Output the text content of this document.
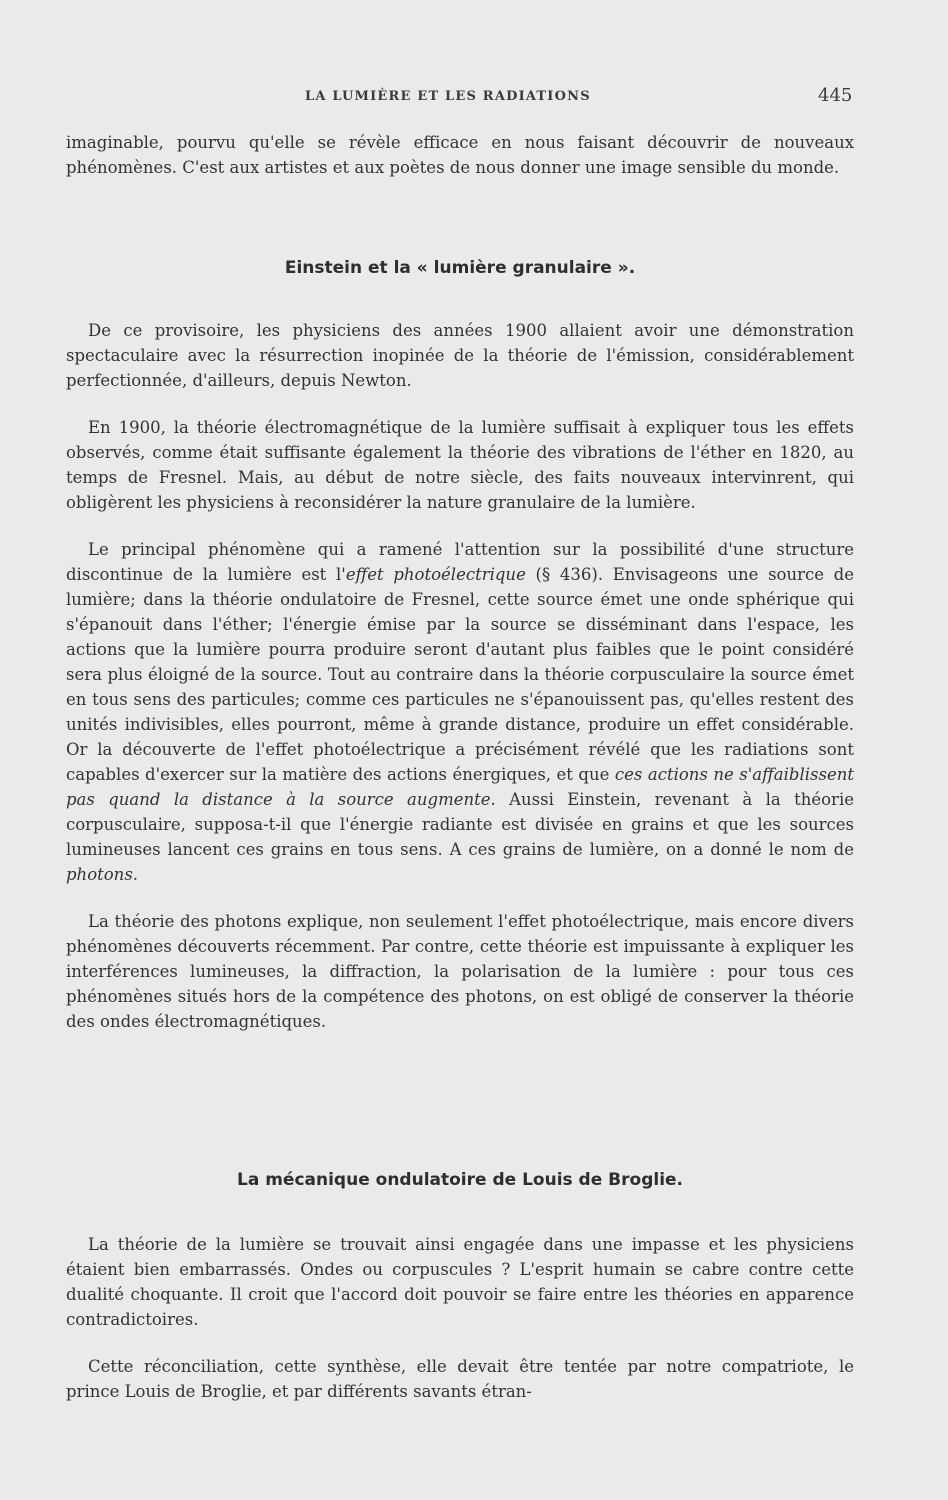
LA LUMIÈRE ET LES RADIATIONS	445

imaginable, pourvu qu'elle se révèle efficace en nous faisant découvrir de nouveaux phénomènes. C'est aux artistes et aux poètes de nous donner une image sensible du monde.

Einstein et la « lumière granulaire ».

De ce provisoire, les physiciens des années 1900 allaient avoir une démonstration spectaculaire avec la résurrection inopinée de la théorie de l'émission, considérablement perfectionnée, d'ailleurs, depuis Newton.

En 1900, la théorie électromagnétique de la lumière suffisait à expliquer tous les effets observés, comme était suffisante également la théorie des vibrations de l'éther en 1820, au temps de Fresnel. Mais, au début de notre siècle, des faits nouveaux intervinrent, qui obligèrent les physiciens à reconsidérer la nature granulaire de la lumière.

Le principal phénomène qui a ramené l'attention sur la possibilité d'une structure discontinue de la lumière est l'effet photoélectrique (§ 436). Envisageons une source de lumière; dans la théorie ondulatoire de Fresnel, cette source émet une onde sphérique qui s'épanouit dans l'éther; l'énergie émise par la source se disséminant dans l'espace, les actions que la lumière pourra produire seront d'autant plus faibles que le point considéré sera plus éloigné de la source. Tout au contraire dans la théorie corpusculaire la source émet en tous sens des particules; comme ces particules ne s'épanouissent pas, qu'elles restent des unités indivisibles, elles pourront, même à grande distance, produire un effet considérable. Or la découverte de l'effet photoélectrique a précisément révélé que les radiations sont capables d'exercer sur la matière des actions énergiques, et que ces actions ne s'affaiblissent pas quand la distance à la source augmente. Aussi Einstein, revenant à la théorie corpusculaire, supposa-t-il que l'énergie radiante est divisée en grains et que les sources lumineuses lancent ces grains en tous sens. A ces grains de lumière, on a donné le nom de photons.

La théorie des photons explique, non seulement l'effet photoélectrique, mais encore divers phénomènes découverts récemment. Par contre, cette théorie est impuissante à expliquer les interférences lumineuses, la diffraction, la polarisation de la lumière : pour tous ces phénomènes situés hors de la compétence des photons, on est obligé de conserver la théorie des ondes électromagnétiques.

La mécanique ondulatoire de Louis de Broglie.

La théorie de la lumière se trouvait ainsi engagée dans une impasse et les physiciens étaient bien embarrassés. Ondes ou corpuscules ? L'esprit humain se cabre contre cette dualité choquante. Il croit que l'accord doit pouvoir se faire entre les théories en apparence contradictoires.

Cette réconciliation, cette synthèse, elle devait être tentée par notre compatriote, le prince Louis de Broglie, et par différents savants étran-
